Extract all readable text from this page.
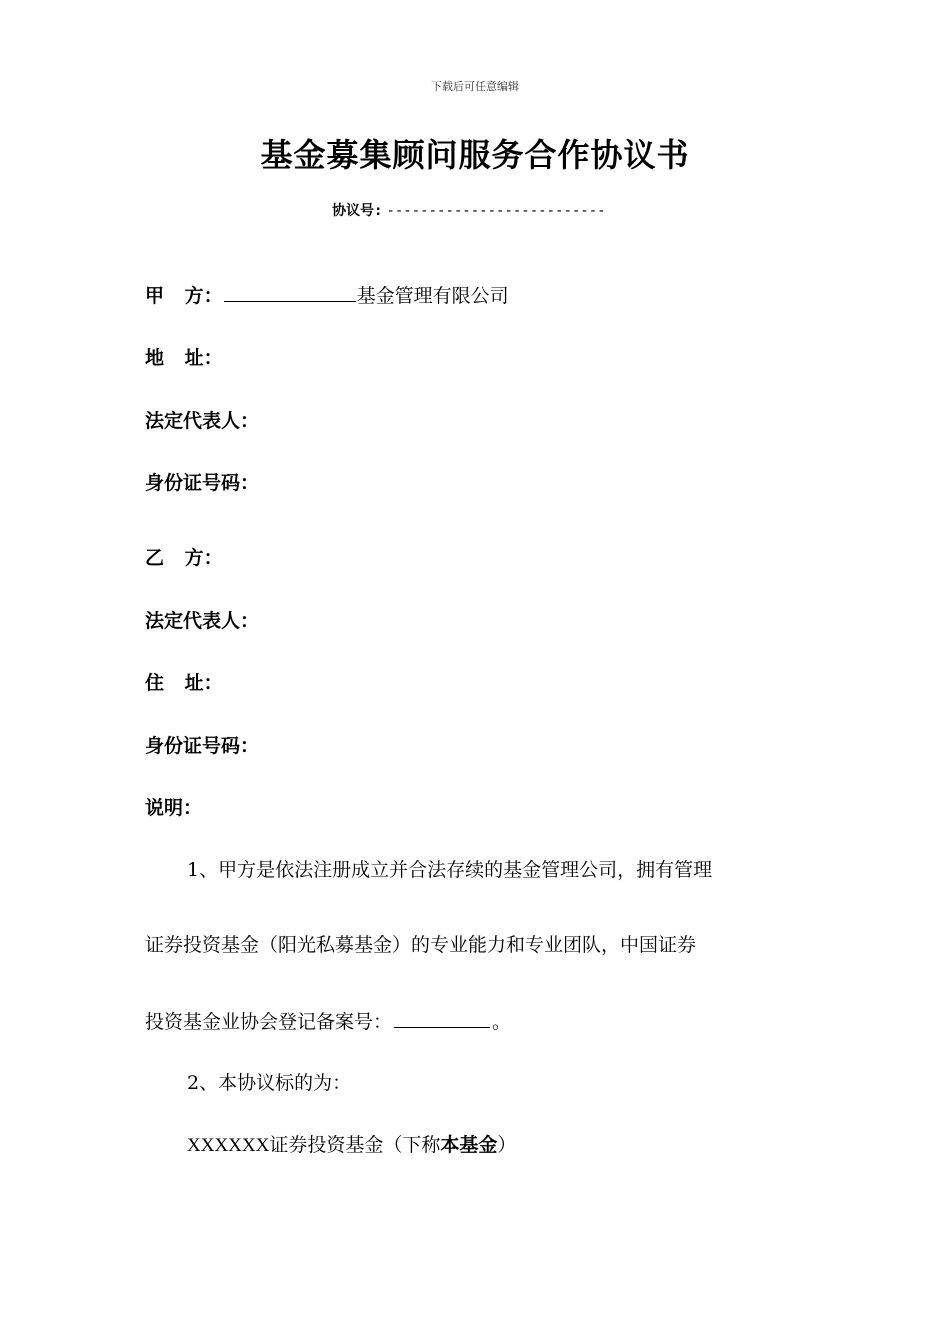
下载后可任意编辑
基金募集顾问服务合作协议书
协议号: --------------------------
甲 方：	基金管理有限公司
地 址：
法定代表人：
身份证号码：
乙 方：
法定代表人：
住 址：
身份证号码：
说明：
1、甲方是依法注册成立并合法存续的基金管理公司，拥有管理
证券投资基金（阳光私募基金）的专业能力和专业团队，中国证券
投资基金业协会登记备案号：	。
2、本协议标的为：
XXXXXX证券投资基金（下称本基金）
